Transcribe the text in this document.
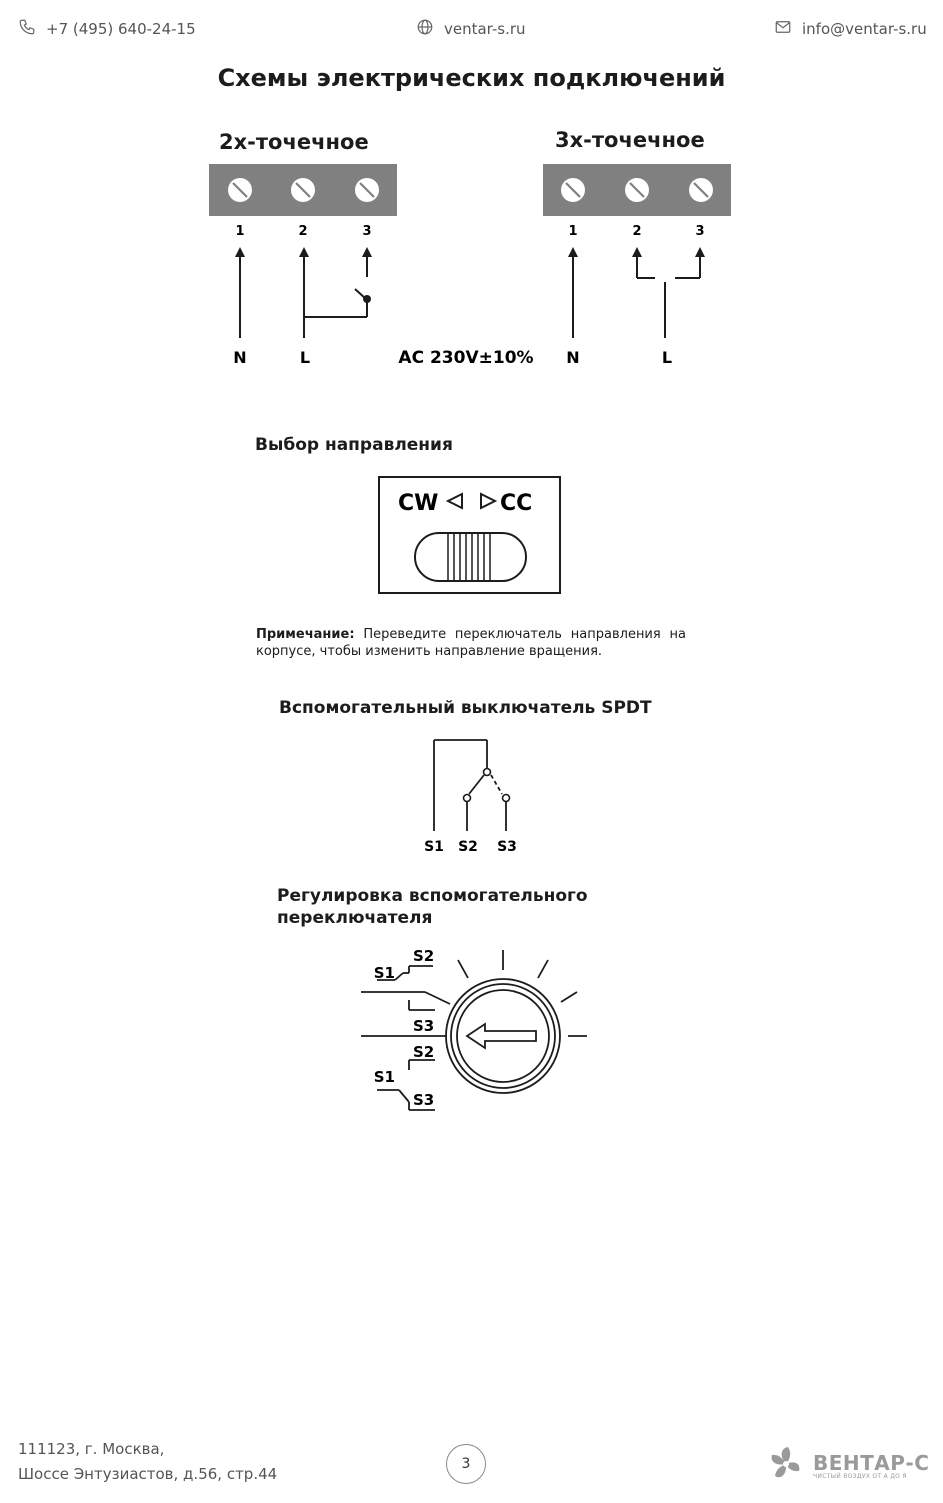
+7 (495) 640-24-15	ventar-s.ru	info@ventar-s.ru
Схемы электрических подключений
2х-точечное	3х-точечное
1	2	3
N	L	AC 230V±10%
1	2	3
N	L
Выбор направления
CW	CC
Примечание: Переведите переключатель направления на корпусе, чтобы изменить направление вращения.
Вспомогательный выключатель SPDT
S1 S2 S3
Регулировка вспомогательного
переключателя
S1
S2
S3
S2
S1
S3
111123, г. Москва,
Шоссе Энтузиастов, д.56, стр.44
3	ВЕНТАР-С
ЧИСТЫЙ ВОЗДУХ ОТ А ДО Я
